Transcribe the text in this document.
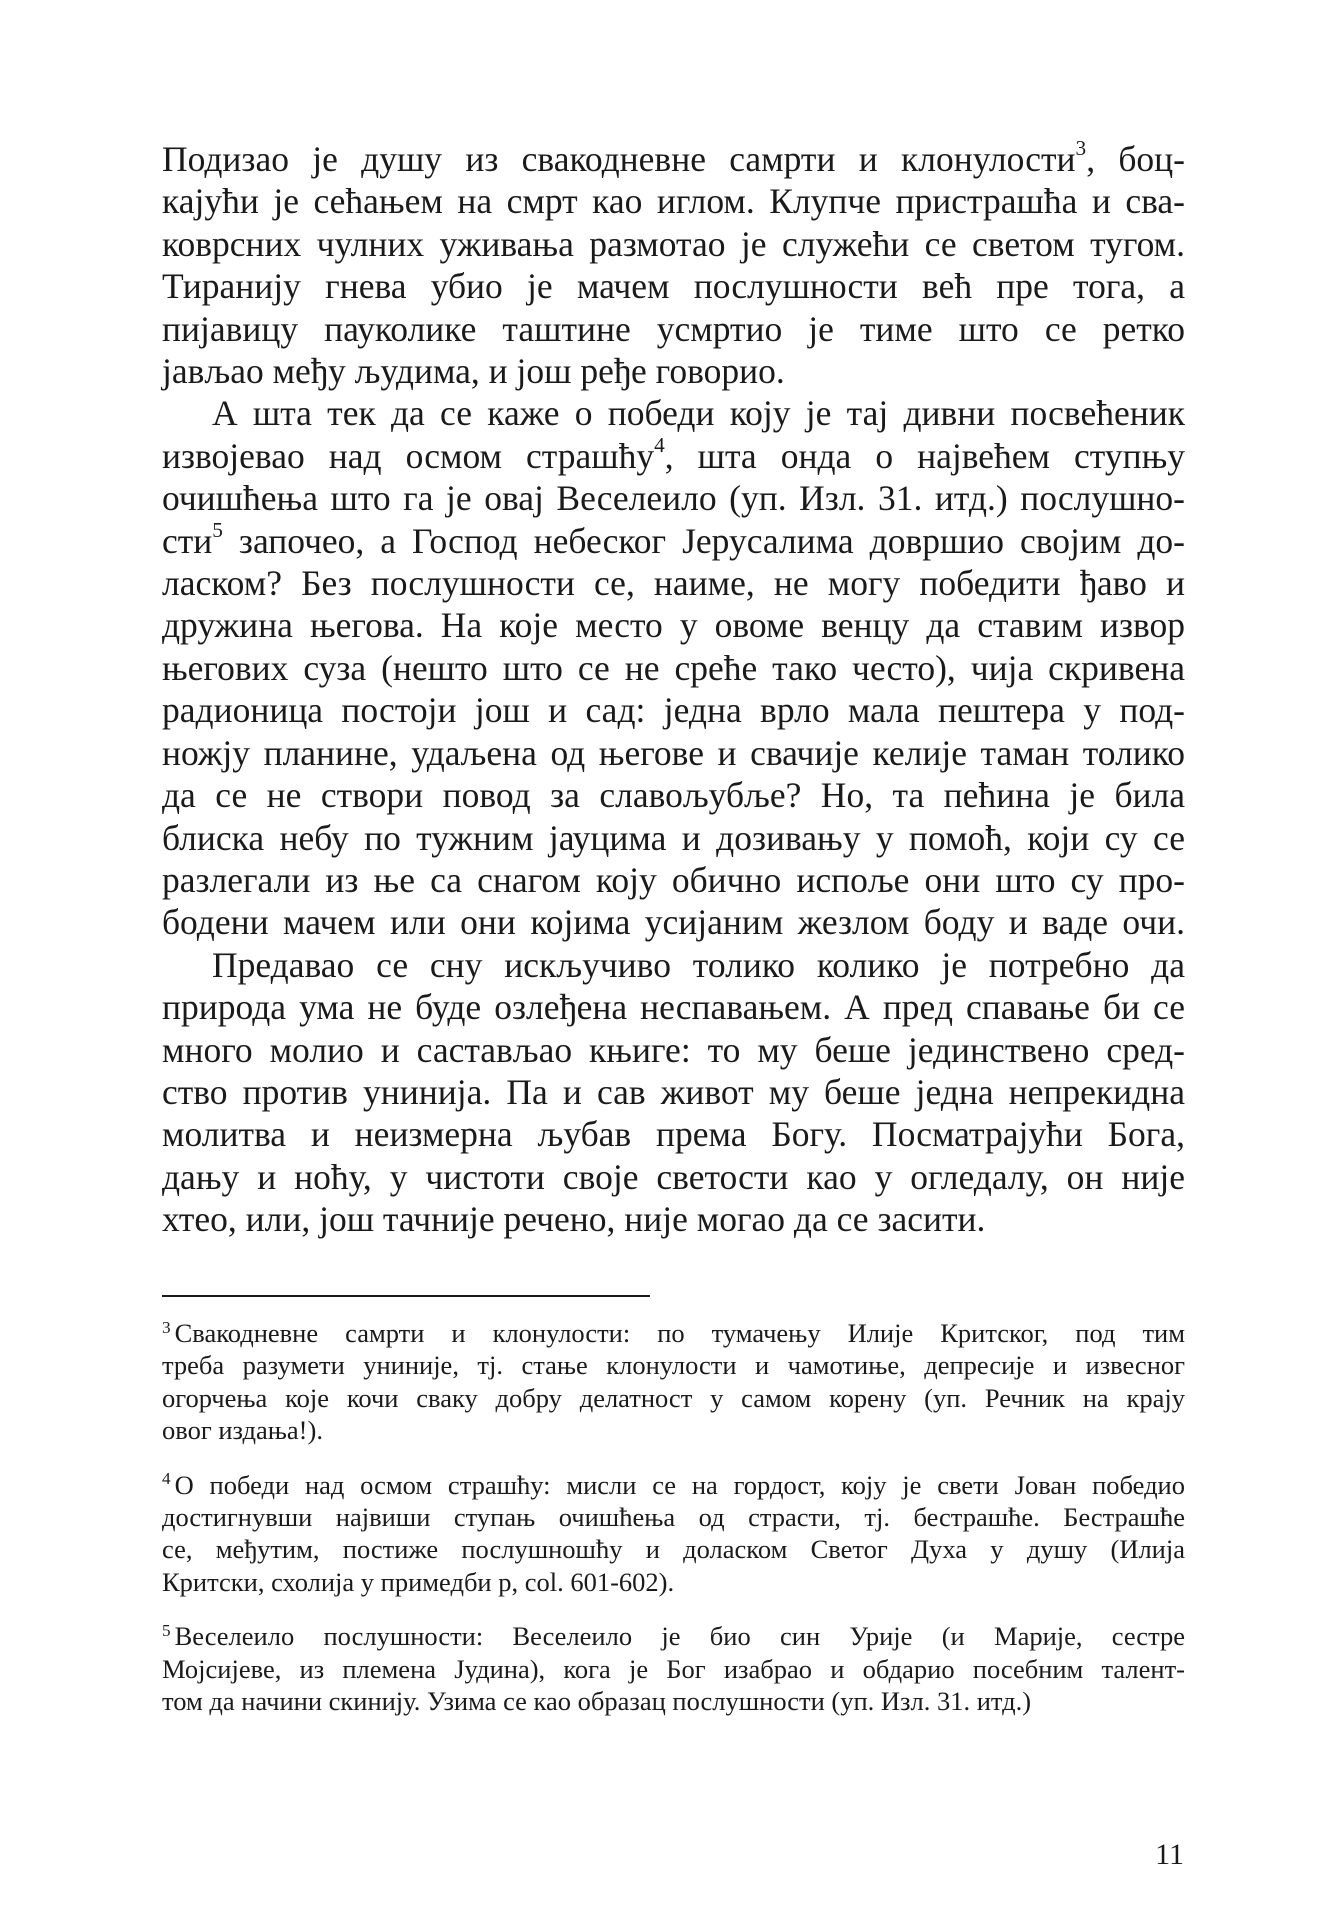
Подизао је душу из свакодневне самрти и клонулости$^3$, боц-
кајући је сећањем на смрт као иглом. Клупче пристрашћа и сва-
коврсних чулних уживања размотао је служећи се светом тугом.
Тиранију гнева убио је мачем послушности већ пре тога, а
пијавицу пауколике таштине усмртио је тиме што се ретко
јављао међу људима, и још ређе говорио.

А шта тек да се каже о победи коју је тај дивни посвећеник
извојевао над осмом страшћу$^4$, шта онда о највећем ступњу
очишћења што га је овај Веселеило (уп. Изл. 31. итд.) послушно-
сти$^5$ започео, а Господ небеског Јерусалима довршио својим до-
ласком? Без послушности се, наиме, не могу победити ђаво и
дружина његова. На које место у овоме венцу да ставим извор
његових суза (нешто што се не среће тако често), чија скривена
радионица постоји још и сад: једна врло мала пештера у под-
ножју планине, удаљена од његове и свачије келије таман толико
да се не створи повод за славољубље? Но, та пећина је била
блиска небу по тужним јауцима и дозивању у помоћ, који су се
разлегали из ње са снагом коју обично испоље они што су про-
бодени мачем или они којима усијаним жезлом боду и ваде очи.

Предавао се сну искључиво толико колико је потребно да
природа ума не буде озлеђена неспавањем. А пред спавање би се
много молио и састављао књиге: то му беше јединствено сред-
ство против униниja. Па и сав живот му беше једна непрекидна
молитва и неизмерна љубав према Богу. Посматрајући Бога,
дању и ноћу, у чистоти своје светости као у огледалу, он није
хтео, или, још тачније речено, није могао да се засити.

$^3$ Свакодневне самрти и клонулости: по тумачењу Илије Критског, под тим
треба разумети униније, тј. стање клонулости и чамотиње, депресије и извесног
огорчења које кочи сваку добру делатност у самом корену (уп. Речник на крају
овог издања!).
$^4$ О победи над осмом страшћу: мисли се на гордост, коју је свети Јован победио
достигнувши највиши ступањ очишћења од страсти, тј. бестрашће. Бестрашће
се, међутим, постиже послушношћу и доласком Светог Духа у душу (Илија
Критски, схолија у примедби р, col. 601-602).
$^5$ Веселеило послушности: Веселеило је био син Урије (и Марије, сестре
Мојсијеве, из племена Јудина), кога је Бог изабрао и обдарио посебним талент-
том да начини скинију. Узима се као образац послушности (уп. Изл. 31. итд.)
11
